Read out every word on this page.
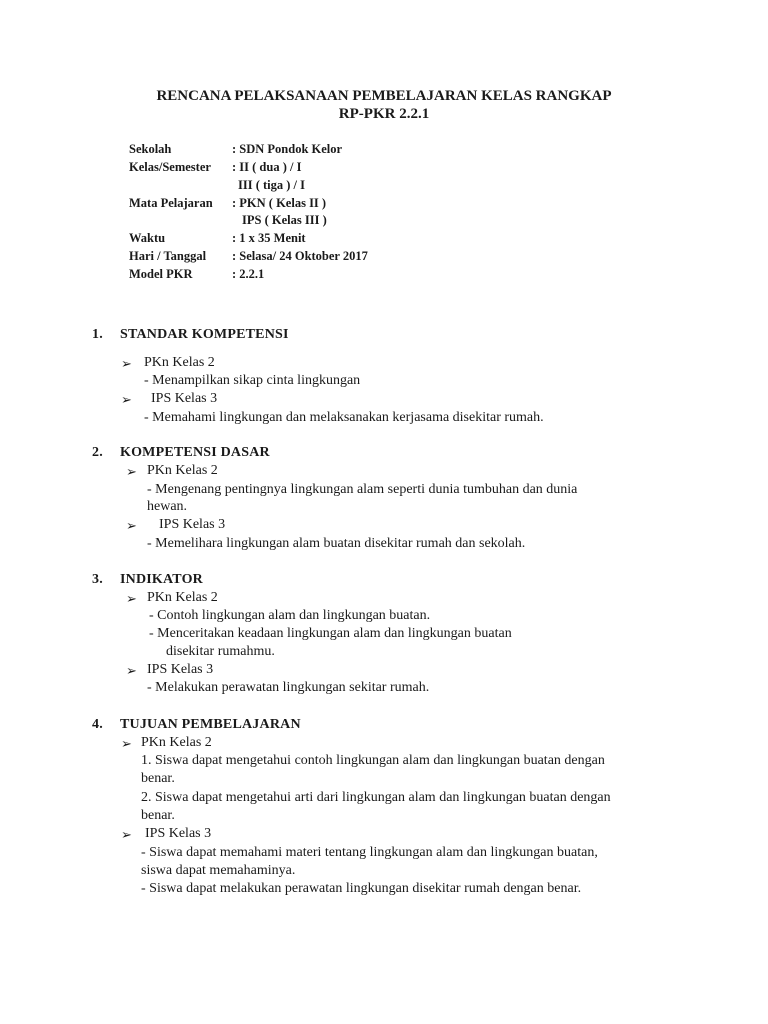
RENCANA PELAKSANAAN PEMBELAJARAN KELAS RANGKAP
RP-PKR 2.2.1
Sekolah	: SDN Pondok Kelor
Kelas/Semester : II ( dua ) / I
III ( tiga ) / I
Mata Pelajaran : PKN ( Kelas II )
IPS ( Kelas III )
Waktu	: 1 x 35 Menit
Hari / Tanggal : Selasa/ 24 Oktober 2017
Model PKR	: 2.2.1
1. STANDAR KOMPETENSI
➢ PKn Kelas 2
- Menampilkan sikap cinta lingkungan
➢ IPS Kelas 3
- Memahami lingkungan dan melaksanakan kerjasama disekitar rumah.
2. KOMPETENSI DASAR
➢ PKn Kelas 2
- Mengenang pentingnya lingkungan alam seperti dunia tumbuhan dan dunia
hewan.
➢ IPS Kelas 3
- Memelihara lingkungan alam buatan disekitar rumah dan sekolah.
3. INDIKATOR
➢ PKn Kelas 2
- Contoh lingkungan alam dan lingkungan buatan.
- Menceritakan keadaan lingkungan alam dan lingkungan buatan
disekitar rumahmu.
➢ IPS Kelas 3
- Melakukan perawatan lingkungan sekitar rumah.
4. TUJUAN PEMBELAJARAN
➢ PKn Kelas 2
1. Siswa dapat mengetahui contoh lingkungan alam dan lingkungan buatan dengan
benar.
2. Siswa dapat mengetahui arti dari lingkungan alam dan lingkungan buatan dengan
benar.
➢ IPS Kelas 3
- Siswa dapat memahami materi tentang lingkungan alam dan lingkungan buatan,
siswa dapat memahaminya.
- Siswa dapat melakukan perawatan lingkungan disekitar rumah dengan benar.
